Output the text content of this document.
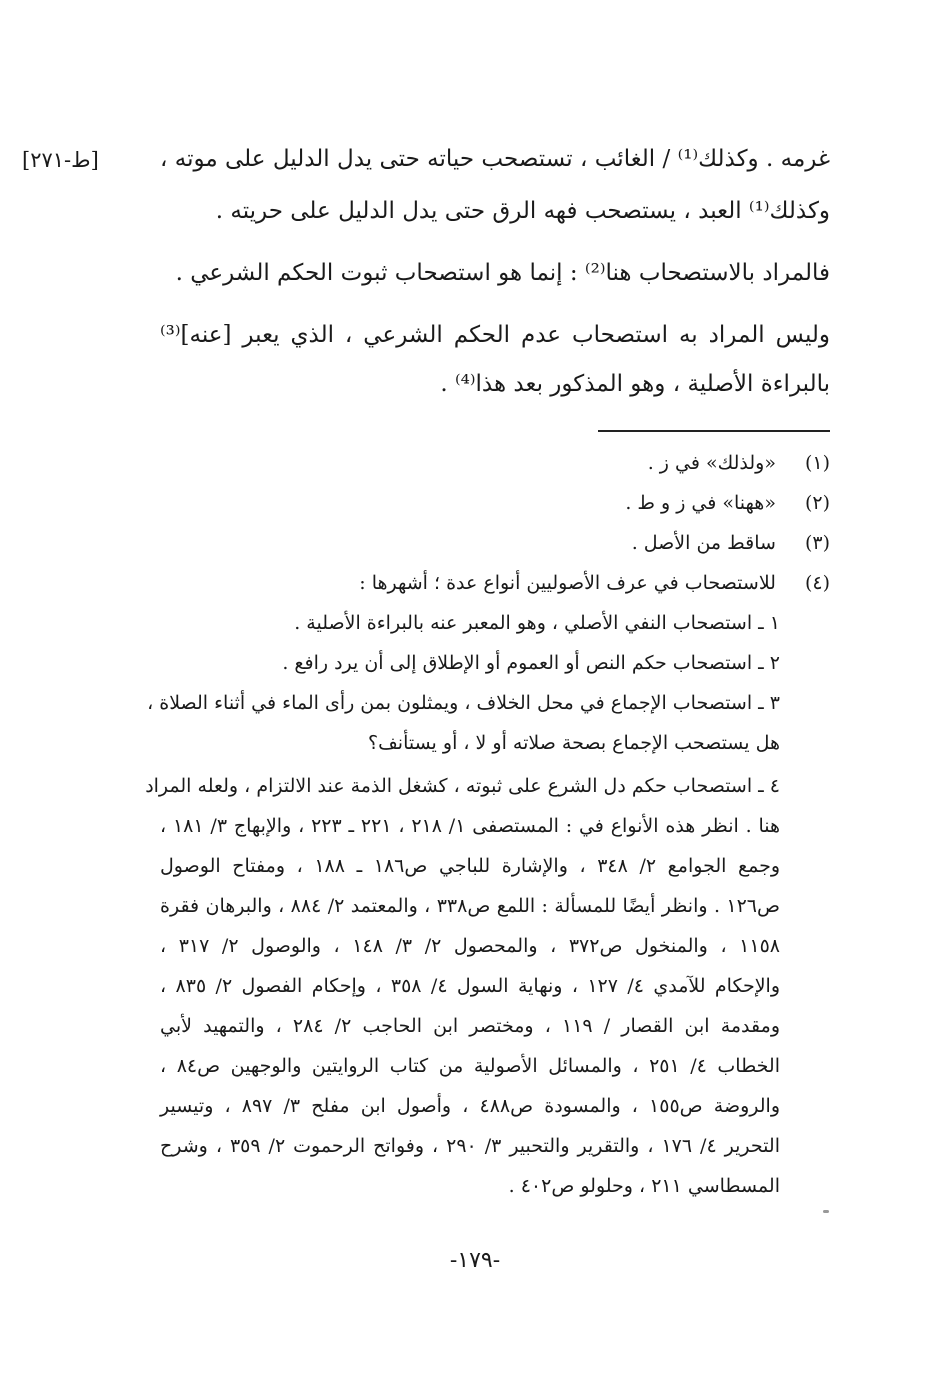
[ط-٢٧١]	غرمه . وكذلك⁽¹⁾ / الغائب ، تستصحب حياته حتى يدل الدليل على موته ،
وكذلك⁽¹⁾ العبد ، يستصحب فهه الرق حتى يدل الدليل على حريته .
فالمراد بالاستصحاب هنا⁽²⁾ : إنما هو استصحاب ثبوت الحكم الشرعي .
وليس المراد به استصحاب عدم الحكم الشرعي ، الذي يعبر [عنه]⁽³⁾
بالبراءة الأصلية ، وهو المذكور بعد هذا⁽⁴⁾ .
(١) «ولذلك» في ز .
(٢) «ههنا» في ز و ط .
(٣) ساقط من الأصل .
(٤) للاستصحاب في عرف الأصوليين أنواع عدة ؛ أشهرها :
١ ـ استصحاب النفي الأصلي ، وهو المعبر عنه بالبراءة الأصلية .
٢ ـ استصحاب حكم النص أو العموم أو الإطلاق إلى أن يرد رافع .
٣ ـ استصحاب الإجماع في محل الخلاف ، ويمثلون بمن رأى الماء في أثناء الصلاة ،
هل يستصحب الإجماع بصحة صلاته أو لا ، أو يستأنف؟
٤ ـ استصحاب حكم دل الشرع على ثبوته ، كشغل الذمة عند الالتزام ، ولعله المراد
هنا . انظر هذه الأنواع في : المستصفى ١/ ٢١٨ ، ٢٢١ ـ ٢٢٣ ، والإبهاج ٣/ ١٨١ ،
وجمع الجوامع ٢/ ٣٤٨ ، والإشارة للباجي ص١٨٦ ـ ١٨٨ ، ومفتاح الوصول
ص١٢٦ . وانظر أيضًا للمسألة : اللمع ص٣٣٨ ، والمعتمد ٢/ ٨٨٤ ، والبرهان فقرة
١١٥٨ ، والمنخول ص٣٧٢ ، والمحصول ٢/ ٣/ ١٤٨ ، والوصول ٢/ ٣١٧ ،
والإحكام للآمدي ٤/ ١٢٧ ، ونهاية السول ٤/ ٣٥٨ ، وإحكام الفصول ٢/ ٨٣٥ ،
ومقدمة ابن القصار / ١١٩ ، ومختصر ابن الحاجب ٢/ ٢٨٤ ، والتمهيد لأبي
الخطاب ٤/ ٢٥١ ، والمسائل الأصولية من كتاب الروايتين والوجهين ص٨٤ ،
والروضة ص١٥٥ ، والمسودة ص٤٨٨ ، وأصول ابن مفلح ٣/ ٨٩٧ ، وتيسير
التحرير ٤/ ١٧٦ ، والتقرير والتحبير ٣/ ٢٩٠ ، وفواتح الرحموت ٢/ ٣٥٩ ، وشرح
المسطاسي ٢١١ ، وحلولو ص٤٠٢ .
-١٧٩-
